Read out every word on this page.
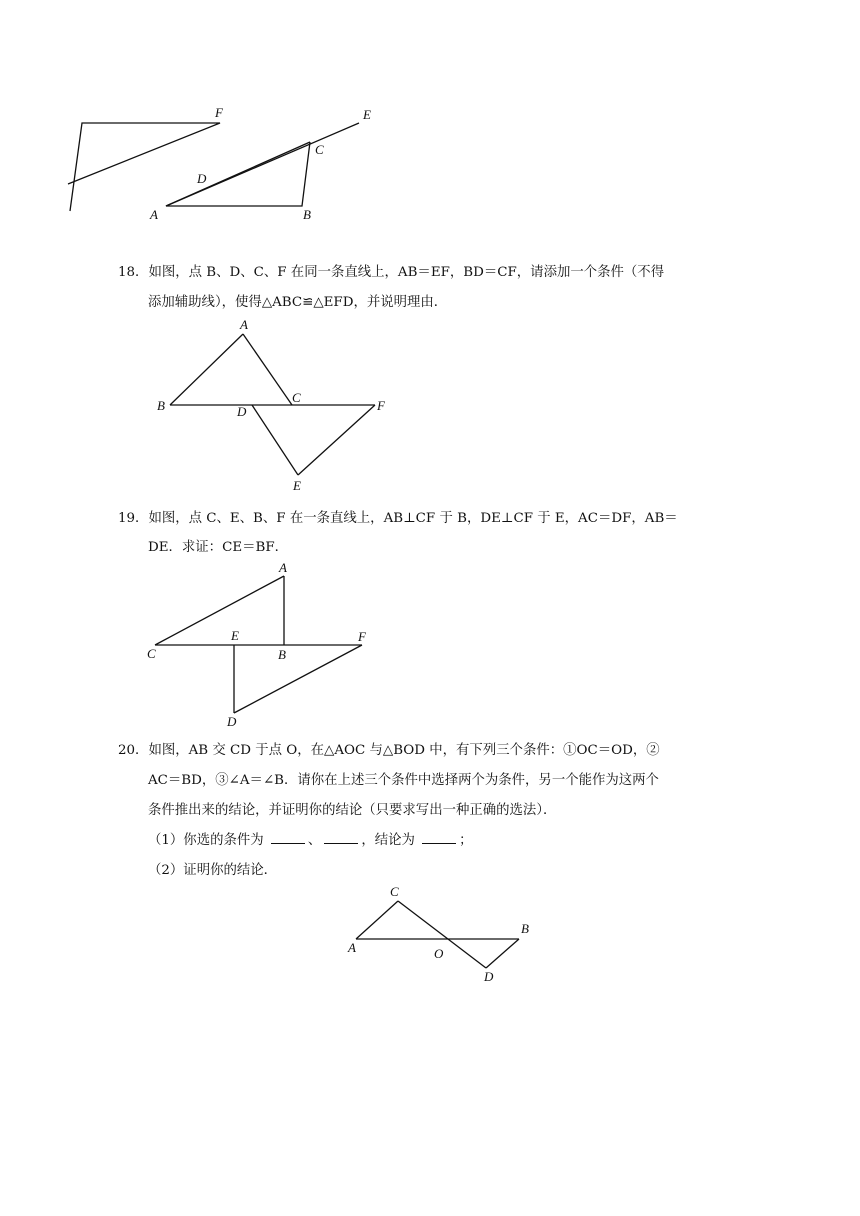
F	E
C
D
A	B
18．如图，点 B、D、C、F 在同一条直线上，AB＝EF，BD＝CF，请添加一个条件（不得
添加辅助线），使得△ABC≌△EFD，并说明理由．
A
B
C
D	F
E
19．如图，点 C、E、B、F 在一条直线上，AB⊥CF 于 B，DE⊥CF 于 E，AC＝DF，AB＝
DE．求证：CE＝BF．
A
E	F
C	B
D
20．如图，AB 交 CD 于点 O，在△AOC 与△BOD 中，有下列三个条件：①OC＝OD，②
AC＝BD，③∠A＝∠B．请你在上述三个条件中选择两个为条件，另一个能作为这两个
条件推出来的结论，并证明你的结论（只要求写出一种正确的选法）．
（1）你选的条件为	、	，结论为	；
（2）证明你的结论．
C
B
A	O
D
